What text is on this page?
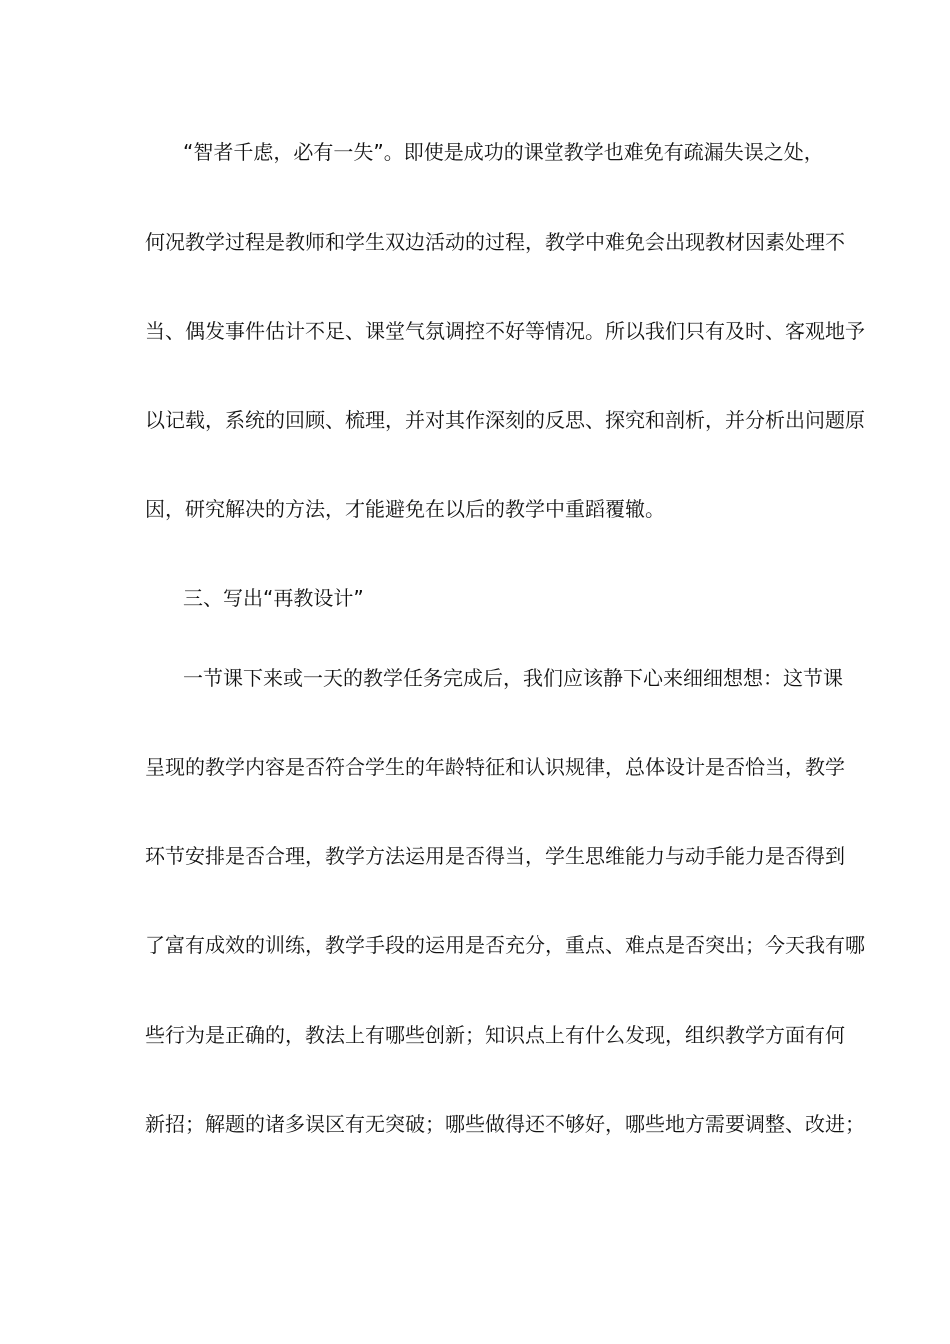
“智者千虑，必有一失”。即使是成功的课堂教学也难免有疏漏失误之处，
何况教学过程是教师和学生双边活动的过程，教学中难免会出现教材因素处理不
当、偶发事件估计不足、课堂气氛调控不好等情况。所以我们只有及时、客观地予
以记载，系统的回顾、梳理，并对其作深刻的反思、探究和剖析，并分析出问题原
因，研究解决的方法，才能避免在以后的教学中重蹈覆辙。
三、写出“再教设计”
一节课下来或一天的教学任务完成后，我们应该静下心来细细想想：这节课
呈现的教学内容是否符合学生的年龄特征和认识规律，总体设计是否恰当，教学
环节安排是否合理，教学方法运用是否得当，学生思维能力与动手能力是否得到
了富有成效的训练，教学手段的运用是否充分，重点、难点是否突出；今天我有哪
些行为是正确的，教法上有哪些创新；知识点上有什么发现，组织教学方面有何
新招；解题的诸多误区有无突破；哪些做得还不够好，哪些地方需要调整、改进；
